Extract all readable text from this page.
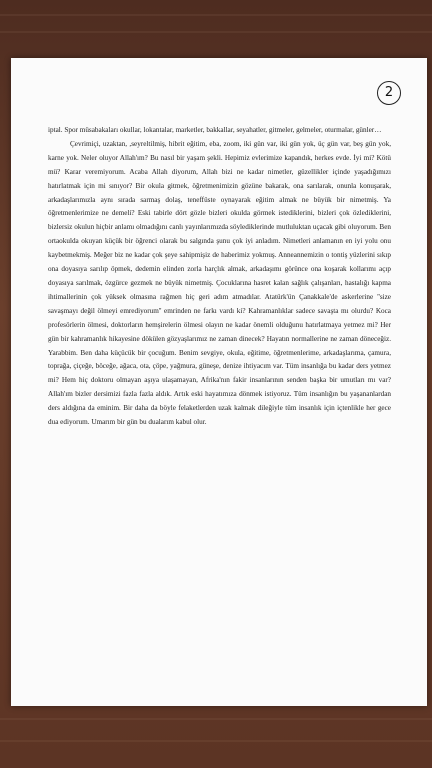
2

iptal. Spor müsabakaları okullar, lokantalar, marketler, bakkallar, seyahatler, gitmeler, gelmeler, oturmalar, günler…

Çevrimiçi, uzaktan, ,seyreltilmiş, hibrit eğitim, eba, zoom, iki gün var, iki gün yok, üç gün var, beş gün yok, karne yok. Neler oluyor Allah'ım? Bu nasıl bir yaşam şekli. Hepimiz evlerimize kapandık, herkes evde. İyi mi? Kötü mü? Karar veremiyorum. Acaba Allah diyorum, Allah bizi ne kadar nimetler, güzellikler içinde yaşadığımızı hatırlatmak için mi sınıyor? Bir okula gitmek, öğretmenimizin gözüne bakarak, ona sarılarak, onunla konuşarak, arkadaşlarımızla aynı sırada sarmaş dolaş, teneffüste oynayarak eğitim almak ne büyük bir nimetmiş. Ya öğretmenlerimize ne demeli? Eski tabirle dört gözle bizleri okulda görmek istediklerini, bizleri çok özlediklerini, bizlersiz okulun hiçbir anlamı olmadığını canlı yayınlarımızda söylediklerinde mutluluktan uçacak gibi oluyorum. Ben ortaokulda okuyan küçük bir öğrenci olarak bu salgında şunu çok iyi anladım. Nimetleri anlamanın en iyi yolu onu kaybetmekmiş. Meğer biz ne kadar çok şeye sahipmişiz de haberimiz yokmuş. Anneannemizin o tontiş yüzlerini sıkıp ona doyasıya sarılıp öpmek, dedemin elinden zorla harçlık almak, arkadaşımı görünce ona koşarak kollarımı açıp doyasıya sarılmak, özgürce gezmek ne büyük nimetmiş. Çocuklarına hasret kalan sağlık çalışanları, hastalığı kapma ihtimallerinin çok yüksek olmasına rağmen hiç geri adım atmadılar. Atatürk'ün Çanakkale'de askerlerine ''size savaşmayı değil ölmeyi emrediyorum'' emrinden ne farkı vardı ki? Kahramanlıklar sadece savaşta mı olurdu? Koca profesörlerin ölmesi, doktorların hemşirelerin ölmesi olayın ne kadar önemli olduğunu hatırlatmaya yetmez mi? Her gün bir kahramanlık hikayesine dökülen gözyaşlarımız ne zaman dinecek? Hayatın normallerine ne zaman döneceğiz. Yarabbim. Ben daha küçücük bir çocuğum. Benim sevgiye, okula, eğitime, öğretmenlerime, arkadaşlarıma, çamura, toprağa, çiçeğe, böceğe, ağaca, ota, çöpe, yağmura, güneşe, denize ihtiyacım var. Tüm insanlığa bu kadar ders yetmez mi? Hem hiç doktoru olmayan aşıya ulaşamayan, Afrika'nın fakir insanlarının senden başka bir umutları mı var? Allah'ım bizler dersimizi fazla fazla aldık. Artık eski hayatımıza dönmek istiyoruz. Tüm insanlığın bu yaşananlardan ders aldığına da eminim. Bir daha da böyle felaketlerden uzak kalmak dileğiyle tüm insanlık için içtenlikle her gece dua ediyorum. Umarım bir gün bu dualarım kabul olur.
